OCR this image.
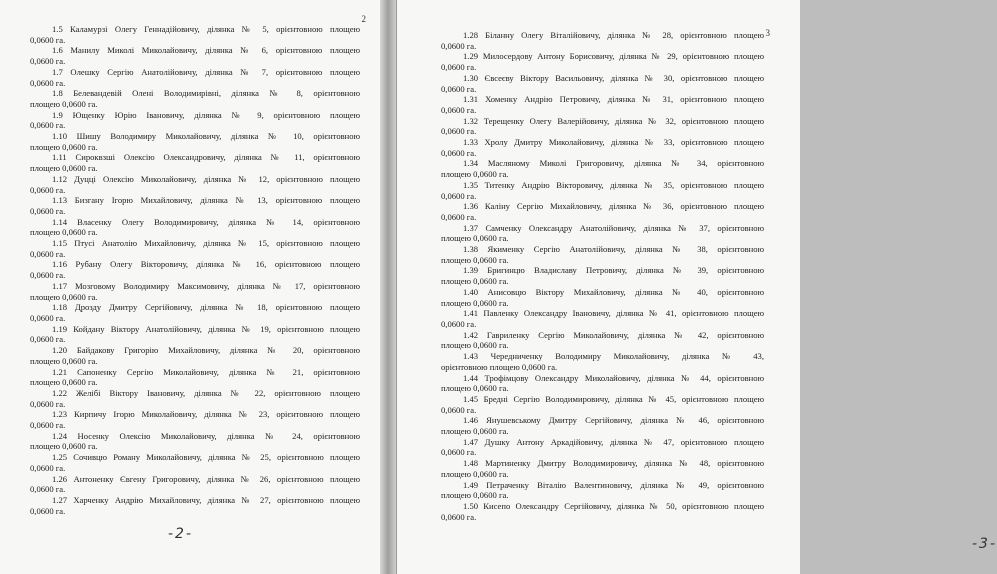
2

1.5 Каламурзі Олегу Геннадійовичу, ділянка № 5, орієнтовною площею
0,0600 га.

1.6 Манилу Миколі Миколайовичу, ділянка № 6, орієнтовною площею
0,0600 га.

1.7 Олешку Сергію Анатолійовичу, ділянка № 7, орієнтовною площею
0,0600 га.

1.8 Белевандевій Олені Володимирівні, ділянка № 8, орієнтовною
площею 0,0600 га.

1.9 Ющенку Юрію Івановичу, ділянка № 9, орієнтовною площею
0,0600 га.

1.10 Шишу Володимиру Миколайовичу, ділянка № 10, орієнтовною
площею 0,0600 га.

1.11 Сироквзші Олексію Олександровичу, ділянка № 11, орієнтовною
площею 0,0600 га.

1.12 Дуцці Олексію Миколайовичу, ділянка № 12, орієнтовною площею
0,0600 га.

1.13 Бизгану Ігорю Михайловичу, ділянка № 13, орієнтовною площею
0,0600 га.

1.14 Власенку Олегу Володимировичу, ділянка № 14, орієнтовною
площею 0,0600 га.

1.15 Птусі Анатолію Михайловичу, ділянка № 15, орієнтовною площею
0,0600 га.

1.16 Рубану Олегу Вікторовичу, ділянка № 16, орієнтовною площею
0,0600 га.

1.17 Мозговому Володимиру Максимовичу, ділянка № 17, орієнтовною
площею 0,0600 га.

1.18 Дрозду Дмитру Сергійовичу, ділянка № 18, орієнтовною площею
0,0600 га.

1.19 Койдану Віктору Анатолійовичу, ділянка № 19, орієнтовною площею
0,0600 га.

1.20 Байдакову Григорію Михайловичу, ділянка № 20, орієнтовною
площею 0,0600 га.

1.21 Сапоненку Сергію Миколайовичу, ділянка № 21, орієнтовною
площею 0,0600 га.

1.22 Желібі Віктору Івановичу, ділянка № 22, орієнтовною площею
0,0600 га.

1.23 Кирпичу Ігорю Миколайовичу, ділянка № 23, орієнтовною площею
0,0600 га.

1.24 Носенку Олексію Миколайовичу, ділянка № 24, орієнтовною
площею 0,0600 га.

1.25 Сочивцю Роману Миколайовичу, ділянка № 25, орієнтовною площею
0,0600 га.

1.26 Антоненку Євгену Григоровичу, ділянка № 26, орієнтовною площею
0,0600 га.

1.27 Харченку Андрію Михайловичу, ділянка № 27, орієнтовною площею
0,0600 га.

-2-
3

1.28 Біланну Олегу Віталійовичу, ділянка № 28, орієнтовною площею
0,0600 га.

1.29 Милосердову Антону Борисовичу, ділянка № 29, орієнтовною площею
0,0600 га.

1.30 Євсеєву Віктору Васильовичу, ділянка № 30, орієнтовною площею
0,0600 га.

1.31 Хоменку Андрію Петровичу, ділянка № 31, орієнтовною площею
0,0600 га.

1.32 Терещенку Олегу Валерійовичу, ділянка № 32, орієнтовною площею
0,0600 га.

1.33 Хролу Дмитру Миколайовичу, ділянка № 33, орієнтовною площею
0,0600 га.

1.34 Масляному Миколі Григоровичу, ділянка № 34, орієнтовною
площею 0,0600 га.

1.35 Титенку Андрію Вікторовичу, ділянка № 35, орієнтовною площею
0,0600 га.

1.36 Каліну Сергію Михайловичу, ділянка № 36, орієнтовною площею
0,0600 га.

1.37 Самченку Олександру Анатолійовичу, ділянка № 37, орієнтовною
площею 0,0600 га.

1.38 Якименку Сергію Анатолійовичу, ділянка № 38, орієнтовною
площею 0,0600 га.

1.39 Бригинцю Владиславу Петровичу, ділянка № 39, орієнтовною
площею 0,0600 га.

1.40 Анисовцю Віктору Михайловичу, ділянка № 40, орієнтовною
площею 0,0600 га.

1.41 Павленку Олександру Івановичу, ділянка № 41, орієнтовною площею
0,0600 га.

1.42 Гавриленку Сергію Миколайовичу, ділянка № 42, орієнтовною
площею 0,0600 га.

1.43 Чередниченку Володимиру Миколайовичу, ділянка № 43,
орієнтовною площею 0,0600 га.

1.44 Трофімцову Олександру Миколайовичу, ділянка № 44, орієнтовною
площею 0,0600 га.

1.45 Бредні Сергію Володимировичу, ділянка № 45, орієнтовною площею
0,0600 га.

1.46 Янушевському Дмитру Сергійовичу, ділянка № 46, орієнтовною
площею 0,0600 га.

1.47 Душку Антону Аркадійовичу, ділянка № 47, орієнтовною площею
0,0600 га.

1.48 Мартиненку Дмитру Володимировичу, ділянка № 48, орієнтовною
площею 0,0600 га.

1.49 Петраченку Віталію Валентиновичу, ділянка № 49, орієнтовною
площею 0,0600 га.

1.50 Кисепо Олександру Сергійовичу, ділянка № 50, орієнтовною площею
0,0600 га.

-3-
